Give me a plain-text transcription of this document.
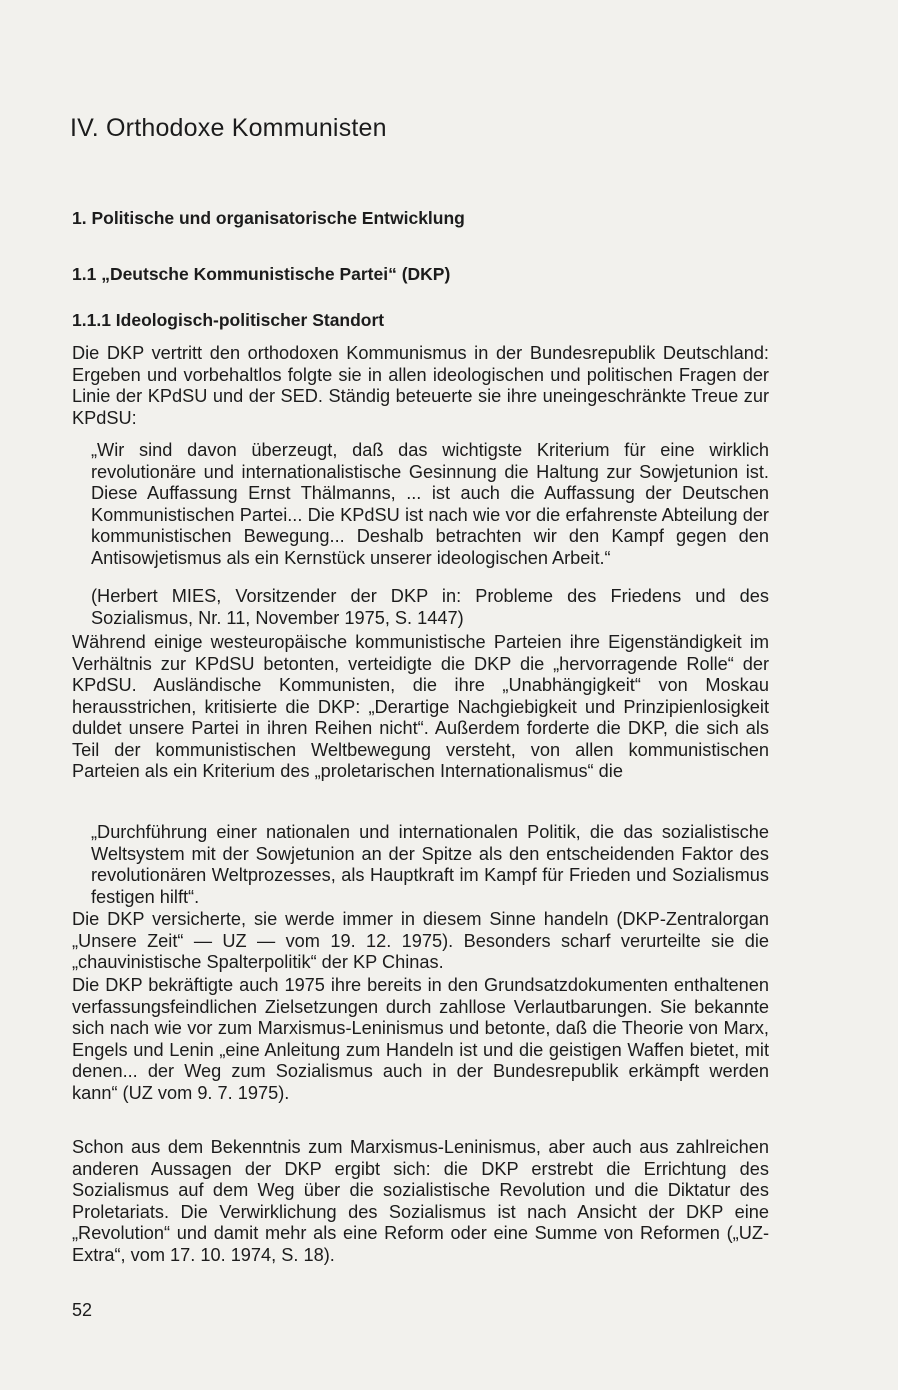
IV. Orthodoxe Kommunisten
1. Politische und organisatorische Entwicklung
1.1 „Deutsche Kommunistische Partei“ (DKP)
1.1.1 Ideologisch-politischer Standort

Die DKP vertritt den orthodoxen Kommunismus in der Bundesrepublik Deutschland: Ergeben und vorbehaltlos folgte sie in allen ideologischen und politischen Fragen der Linie der KPdSU und der SED. Ständig beteuerte sie ihre uneingeschränkte Treue zur KPdSU:

„Wir sind davon überzeugt, daß das wichtigste Kriterium für eine wirklich revolutionäre und internationalistische Gesinnung die Haltung zur Sowjetunion ist. Diese Auffassung Ernst Thälmanns, ... ist auch die Auffassung der Deutschen Kommunistischen Partei... Die KPdSU ist nach wie vor die erfahrenste Abteilung der kommunistischen Bewegung... Deshalb betrachten wir den Kampf gegen den Antisowjetismus als ein Kernstück unserer ideologischen Arbeit.“

(Herbert MIES, Vorsitzender der DKP in: Probleme des Friedens und des Sozialismus, Nr. 11, November 1975, S. 1447)

Während einige westeuropäische kommunistische Parteien ihre Eigenständigkeit im Verhältnis zur KPdSU betonten, verteidigte die DKP die „hervorragende Rolle“ der KPdSU. Ausländische Kommunisten, die ihre „Unabhängigkeit“ von Moskau herausstrichen, kritisierte die DKP: „Derartige Nachgiebigkeit und Prinzipienlosigkeit duldet unsere Partei in ihren Reihen nicht“. Außerdem forderte die DKP, die sich als Teil der kommunistischen Weltbewegung versteht, von allen kommunistischen Parteien als ein Kriterium des „proletarischen Internationalismus“ die

„Durchführung einer nationalen und internationalen Politik, die das sozialistische Weltsystem mit der Sowjetunion an der Spitze als den entscheidenden Faktor des revolutionären Weltprozesses, als Hauptkraft im Kampf für Frieden und Sozialismus festigen hilft“.

Die DKP versicherte, sie werde immer in diesem Sinne handeln (DKP-Zentralorgan „Unsere Zeit“ — UZ — vom 19. 12. 1975). Besonders scharf verurteilte sie die „chauvinistische Spalterpolitik“ der KP Chinas.

Die DKP bekräftigte auch 1975 ihre bereits in den Grundsatzdokumenten enthaltenen verfassungsfeindlichen Zielsetzungen durch zahllose Verlautbarungen. Sie bekannte sich nach wie vor zum Marxismus-Leninismus und betonte, daß die Theorie von Marx, Engels und Lenin „eine Anleitung zum Handeln ist und die geistigen Waffen bietet, mit denen... der Weg zum Sozialismus auch in der Bundesrepublik erkämpft werden kann“ (UZ vom 9. 7. 1975).

Schon aus dem Bekenntnis zum Marxismus-Leninismus, aber auch aus zahlreichen anderen Aussagen der DKP ergibt sich: die DKP erstrebt die Errichtung des Sozialismus auf dem Weg über die sozialistische Revolution und die Diktatur des Proletariats. Die Verwirklichung des Sozialismus ist nach Ansicht der DKP eine „Revolution“ und damit mehr als eine Reform oder eine Summe von Reformen („UZ-Extra“, vom 17. 10. 1974, S. 18).

52
